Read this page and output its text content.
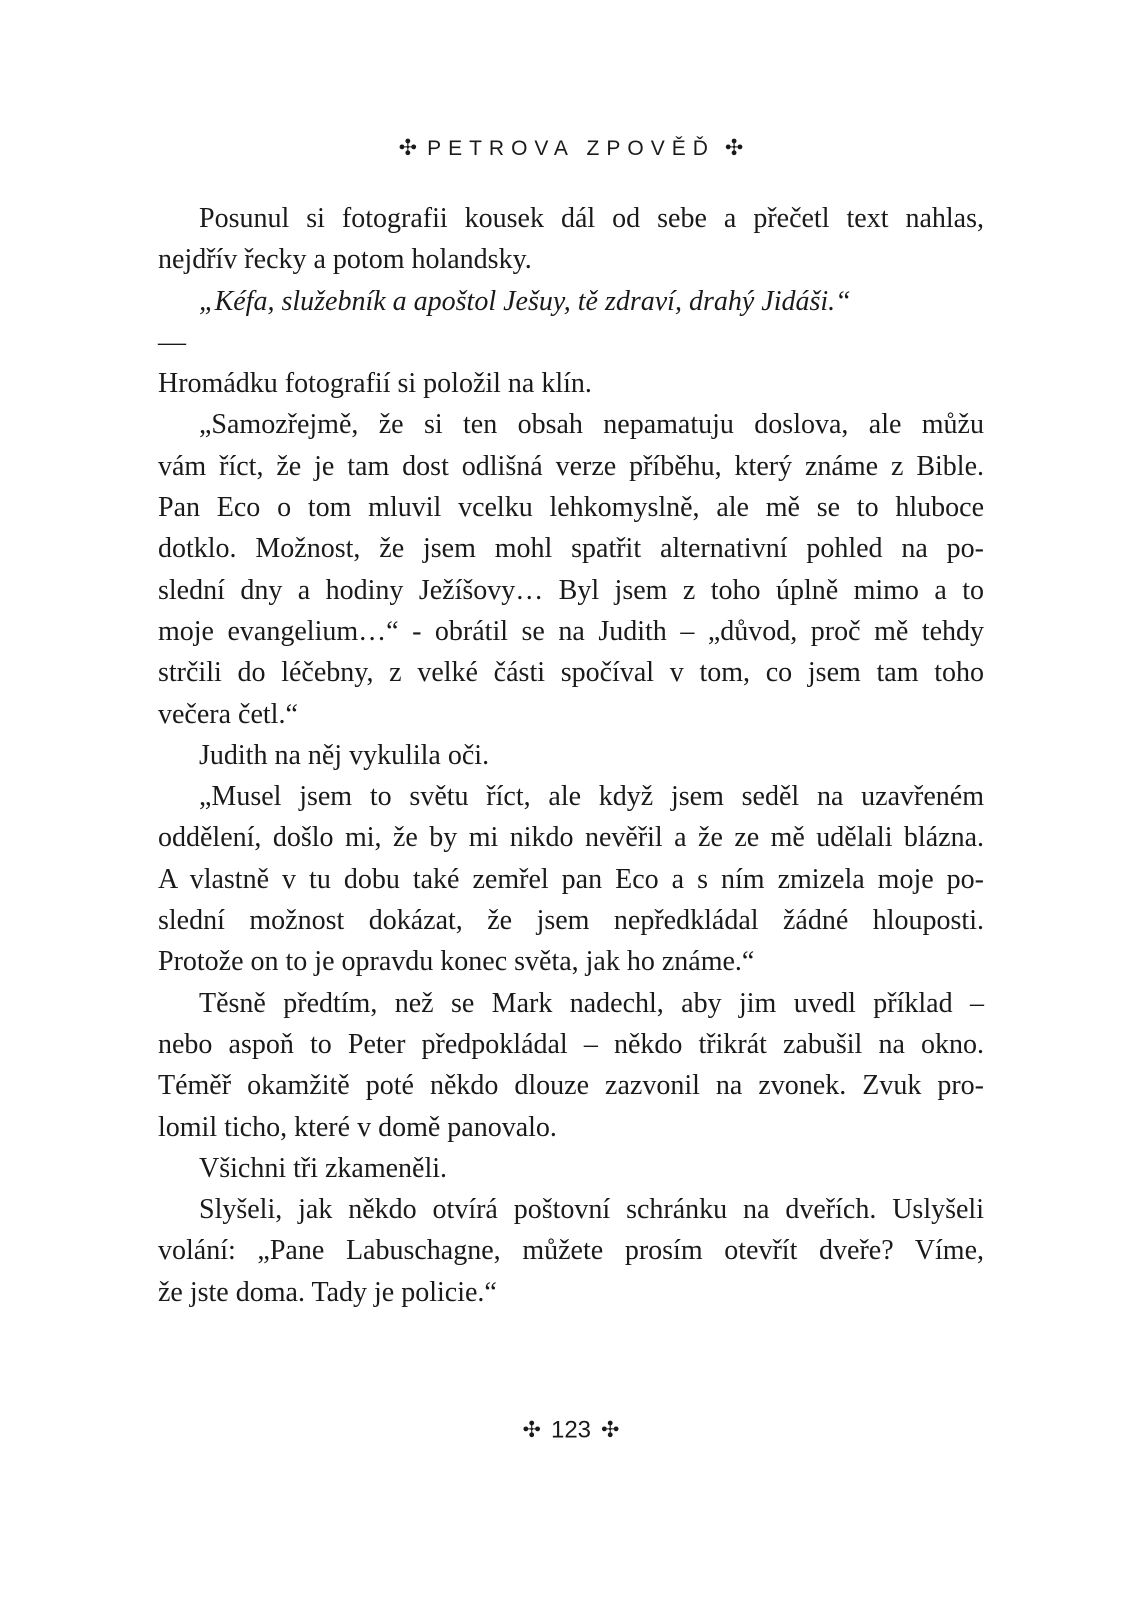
✣ PETROVA ZPOVĚĎ ✣
Posunul si fotografii kousek dál od sebe a přečetl text nahlas,
nejdřív řecky a potom holandsky.
„Kéfa, služebník a apoštol Ješuy, tě zdraví, drahý Jidáši.“
—
Hromádku fotografií si položil na klín.
„Samozřejmě, že si ten obsah nepamatuju doslova, ale můžu
vám říct, že je tam dost odlišná verze příběhu, který známe z Bible.
Pan Eco o tom mluvil vcelku lehkomyslně, ale mě se to hluboce
dotklo. Možnost, že jsem mohl spatřit alternativní pohled na po-
slední dny a hodiny Ježíšovy… Byl jsem z toho úplně mimo a to
moje evangelium…“ - obrátil se na Judith – „důvod, proč mě tehdy
strčili do léčebny, z velké části spočíval v tom, co jsem tam toho
večera četl.“
Judith na něj vykulila oči.
„Musel jsem to světu říct, ale když jsem seděl na uzavřeném
oddělení, došlo mi, že by mi nikdo nevěřil a že ze mě udělali blázna.
A vlastně v tu dobu také zemřel pan Eco a s ním zmizela moje po-
slední možnost dokázat, že jsem nepředkládal žádné hlouposti.
Protože on to je opravdu konec světa, jak ho známe.“
Těsně předtím, než se Mark nadechl, aby jim uvedl příklad –
nebo aspoň to Peter předpokládal – někdo třikrát zabušil na okno.
Téměř okamžitě poté někdo dlouze zazvonil na zvonek. Zvuk pro-
lomil ticho, které v domě panovalo.
Všichni tři zkameněli.
Slyšeli, jak někdo otvírá poštovní schránku na dveřích. Uslyšeli
volání: „Pane Labuschagne, můžete prosím otevřít dveře? Víme,
že jste doma. Tady je policie.“
✣ 123 ✣
